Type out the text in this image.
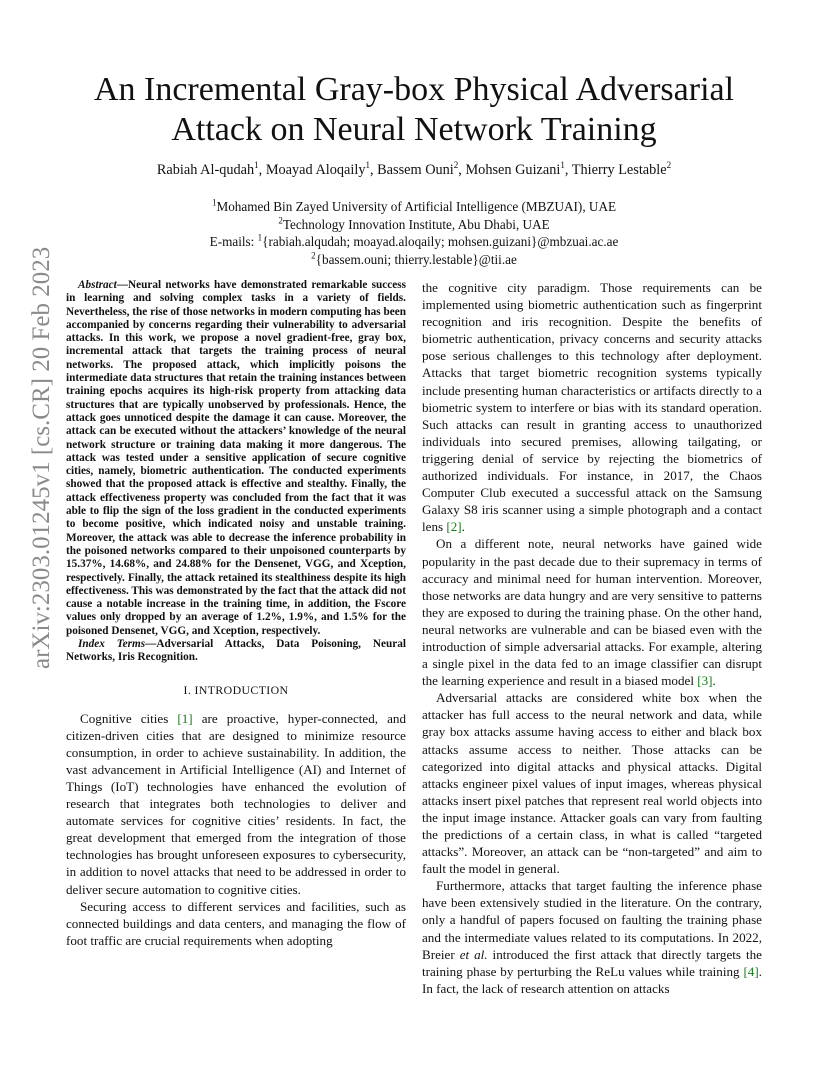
arXiv:2303.01245v1 [cs.CR] 20 Feb 2023
An Incremental Gray-box Physical Adversarial
Attack on Neural Network Training
Rabiah Al-qudah$^1$, Moayad Aloqaily$^1$, Bassem Ouni$^2$, Mohsen Guizani$^1$, Thierry Lestable$^2$
$^1$Mohamed Bin Zayed University of Artificial Intelligence (MBZUAI), UAE
$^2$Technology Innovation Institute, Abu Dhabi, UAE
E-mails: $^1${rabiah.alqudah; moayad.aloqaily; mohsen.guizani}@mbzuai.ac.ae
$^2${bassem.ouni; thierry.lestable}@tii.ae

Abstract—Neural networks have demonstrated remarkable success in learning and solving complex tasks in a variety of fields. Nevertheless, the rise of those networks in modern computing has been accompanied by concerns regarding their vulnerability to adversarial attacks. In this work, we propose a novel gradient-free, gray box, incremental attack that targets the training process of neural networks. The proposed attack, which implicitly poisons the intermediate data structures that retain the training instances between training epochs acquires its high-risk property from attacking data structures that are typically unobserved by professionals. Hence, the attack goes unnoticed despite the damage it can cause. Moreover, the attack can be executed without the attackers’ knowledge of the neural network structure or training data making it more dangerous. The attack was tested under a sensitive application of secure cognitive cities, namely, biometric authentication. The conducted experiments showed that the proposed attack is effective and stealthy. Finally, the attack effectiveness property was concluded from the fact that it was able to flip the sign of the loss gradient in the conducted experiments to become positive, which indicated noisy and unstable training. Moreover, the attack was able to decrease the inference probability in the poisoned networks compared to their unpoisoned counterparts by 15.37%, 14.68%, and 24.88% for the Densenet, VGG, and Xception, respectively. Finally, the attack retained its stealthiness despite its high effectiveness. This was demonstrated by the fact that the attack did not cause a notable increase in the training time, in addition, the Fscore values only dropped by an average of 1.2%, 1.9%, and 1.5% for the poisoned Densenet, VGG, and Xception, respectively.

Index Terms—Adversarial Attacks, Data Poisoning, Neural Networks, Iris Recognition.

I. INTRODUCTION

Cognitive cities [1] are proactive, hyper-connected, and citizen-driven cities that are designed to minimize resource consumption, in order to achieve sustainability. In addition, the vast advancement in Artificial Intelligence (AI) and Internet of Things (IoT) technologies have enhanced the evolution of research that integrates both technologies to deliver and automate services for cognitive cities’ residents. In fact, the great development that emerged from the integration of those technologies has brought unforeseen exposures to cybersecurity, in addition to novel attacks that need to be addressed in order to deliver secure automation to cognitive cities.

Securing access to different services and facilities, such as connected buildings and data centers, and managing the flow of foot traffic are crucial requirements when adopting

the cognitive city paradigm. Those requirements can be implemented using biometric authentication such as fingerprint recognition and iris recognition. Despite the benefits of biometric authentication, privacy concerns and security attacks pose serious challenges to this technology after deployment. Attacks that target biometric recognition systems typically include presenting human characteristics or artifacts directly to a biometric system to interfere or bias with its standard operation. Such attacks can result in granting access to unauthorized individuals into secured premises, allowing tailgating, or triggering denial of service by rejecting the biometrics of authorized individuals. For instance, in 2017, the Chaos Computer Club executed a successful attack on the Samsung Galaxy S8 iris scanner using a simple photograph and a contact lens [2].

On a different note, neural networks have gained wide popularity in the past decade due to their supremacy in terms of accuracy and minimal need for human intervention. Moreover, those networks are data hungry and are very sensitive to patterns they are exposed to during the training phase. On the other hand, neural networks are vulnerable and can be biased even with the introduction of simple adversarial attacks. For example, altering a single pixel in the data fed to an image classifier can disrupt the learning experience and result in a biased model [3].

Adversarial attacks are considered white box when the attacker has full access to the neural network and data, while gray box attacks assume having access to either and black box attacks assume access to neither. Those attacks can be categorized into digital attacks and physical attacks. Digital attacks engineer pixel values of input images, whereas physical attacks insert pixel patches that represent real world objects into the input image instance. Attacker goals can vary from faulting the predictions of a certain class, in what is called “targeted attacks”. Moreover, an attack can be “non-targeted” and aim to fault the model in general.

Furthermore, attacks that target faulting the inference phase have been extensively studied in the literature. On the contrary, only a handful of papers focused on faulting the training phase and the intermediate values related to its computations. In 2022, Breier et al. introduced the first attack that directly targets the training phase by perturbing the ReLu values while training [4]. In fact, the lack of research attention on attacks
